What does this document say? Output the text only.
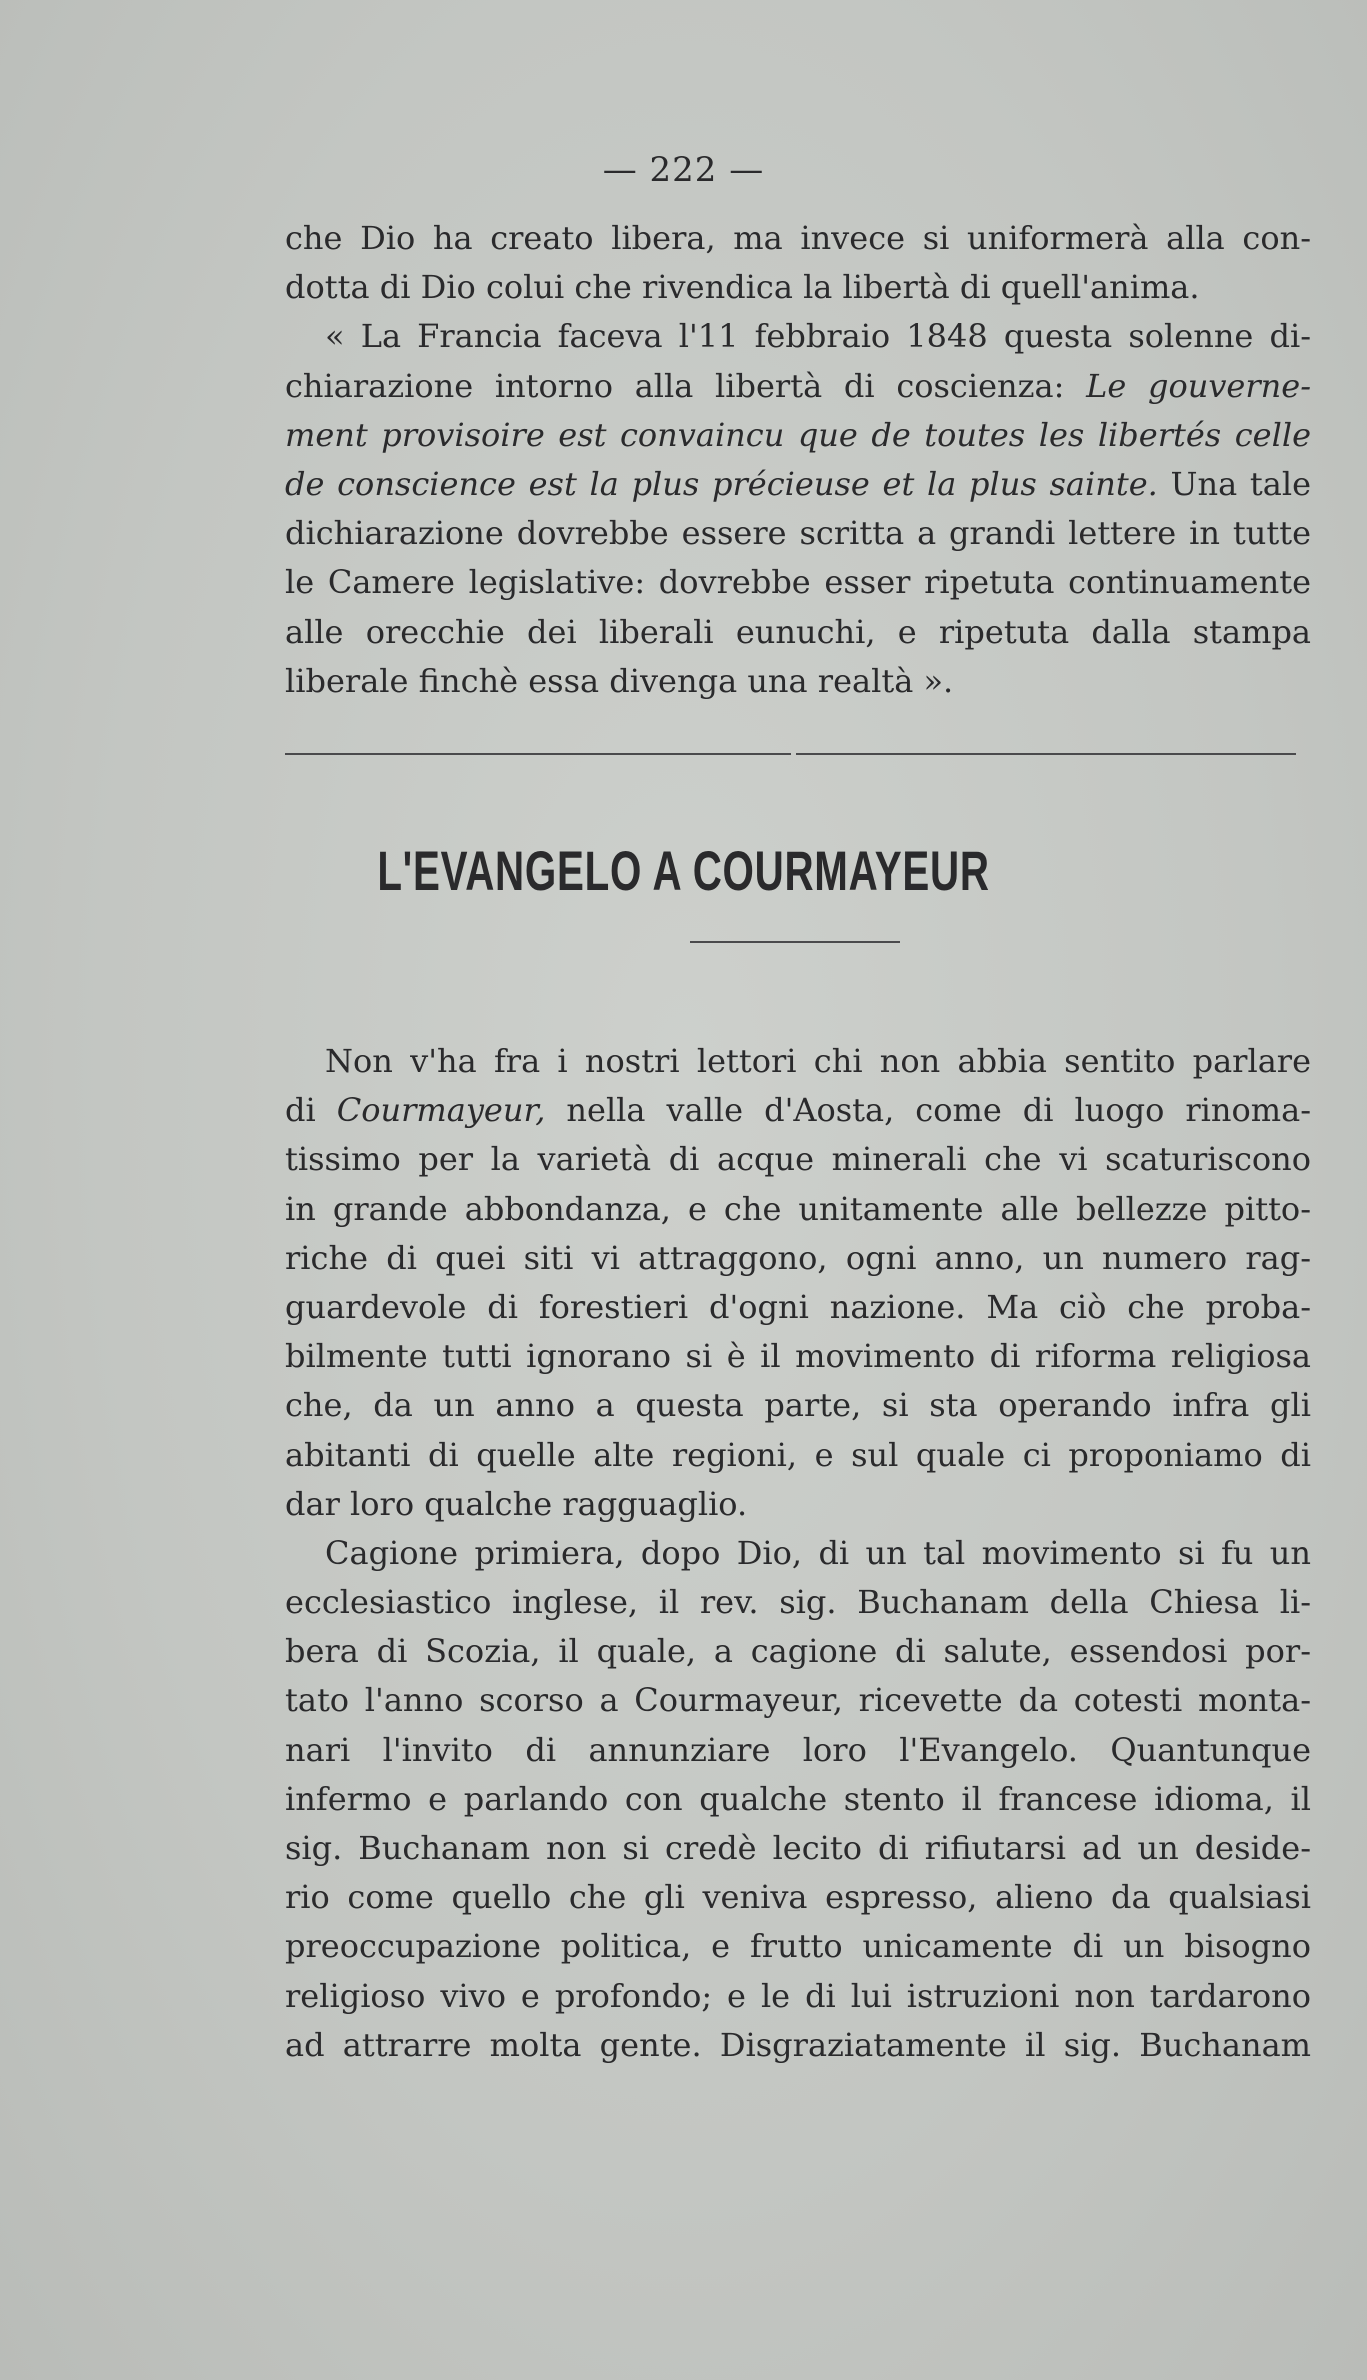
— 222 —
che Dio ha creato libera, ma invece si uniformerà alla con-
dotta di Dio colui che rivendica la libertà di quell'anima.
« La Francia faceva l'11 febbraio 1848 questa solenne di-
chiarazione intorno alla libertà di coscienza: Le gouverne-
ment provisoire est convaincu que de toutes les libertés celle
de conscience est la plus précieuse et la plus sainte. Una tale
dichiarazione dovrebbe essere scritta a grandi lettere in tutte
le Camere legislative: dovrebbe esser ripetuta continuamente
alle orecchie dei liberali eunuchi, e ripetuta dalla stampa
liberale finchè essa divenga una realtà ».
L'EVANGELO A COURMAYEUR
Non v'ha fra i nostri lettori chi non abbia sentito parlare
di Courmayeur, nella valle d'Aosta, come di luogo rinoma-
tissimo per la varietà di acque minerali che vi scaturiscono
in grande abbondanza, e che unitamente alle bellezze pitto-
riche di quei siti vi attraggono, ogni anno, un numero rag-
guardevole di forestieri d'ogni nazione. Ma ciò che proba-
bilmente tutti ignorano si è il movimento di riforma religiosa
che, da un anno a questa parte, si sta operando infra gli
abitanti di quelle alte regioni, e sul quale ci proponiamo di
dar loro qualche ragguaglio.
Cagione primiera, dopo Dio, di un tal movimento si fu un
ecclesiastico inglese, il rev. sig. Buchanam della Chiesa li-
bera di Scozia, il quale, a cagione di salute, essendosi por-
tato l'anno scorso a Courmayeur, ricevette da cotesti monta-
nari l'invito di annunziare loro l'Evangelo. Quantunque
infermo e parlando con qualche stento il francese idioma, il
sig. Buchanam non si credè lecito di rifiutarsi ad un deside-
rio come quello che gli veniva espresso, alieno da qualsiasi
preoccupazione politica, e frutto unicamente di un bisogno
religioso vivo e profondo; e le di lui istruzioni non tardarono
ad attrarre molta gente. Disgraziatamente il sig. Buchanam
